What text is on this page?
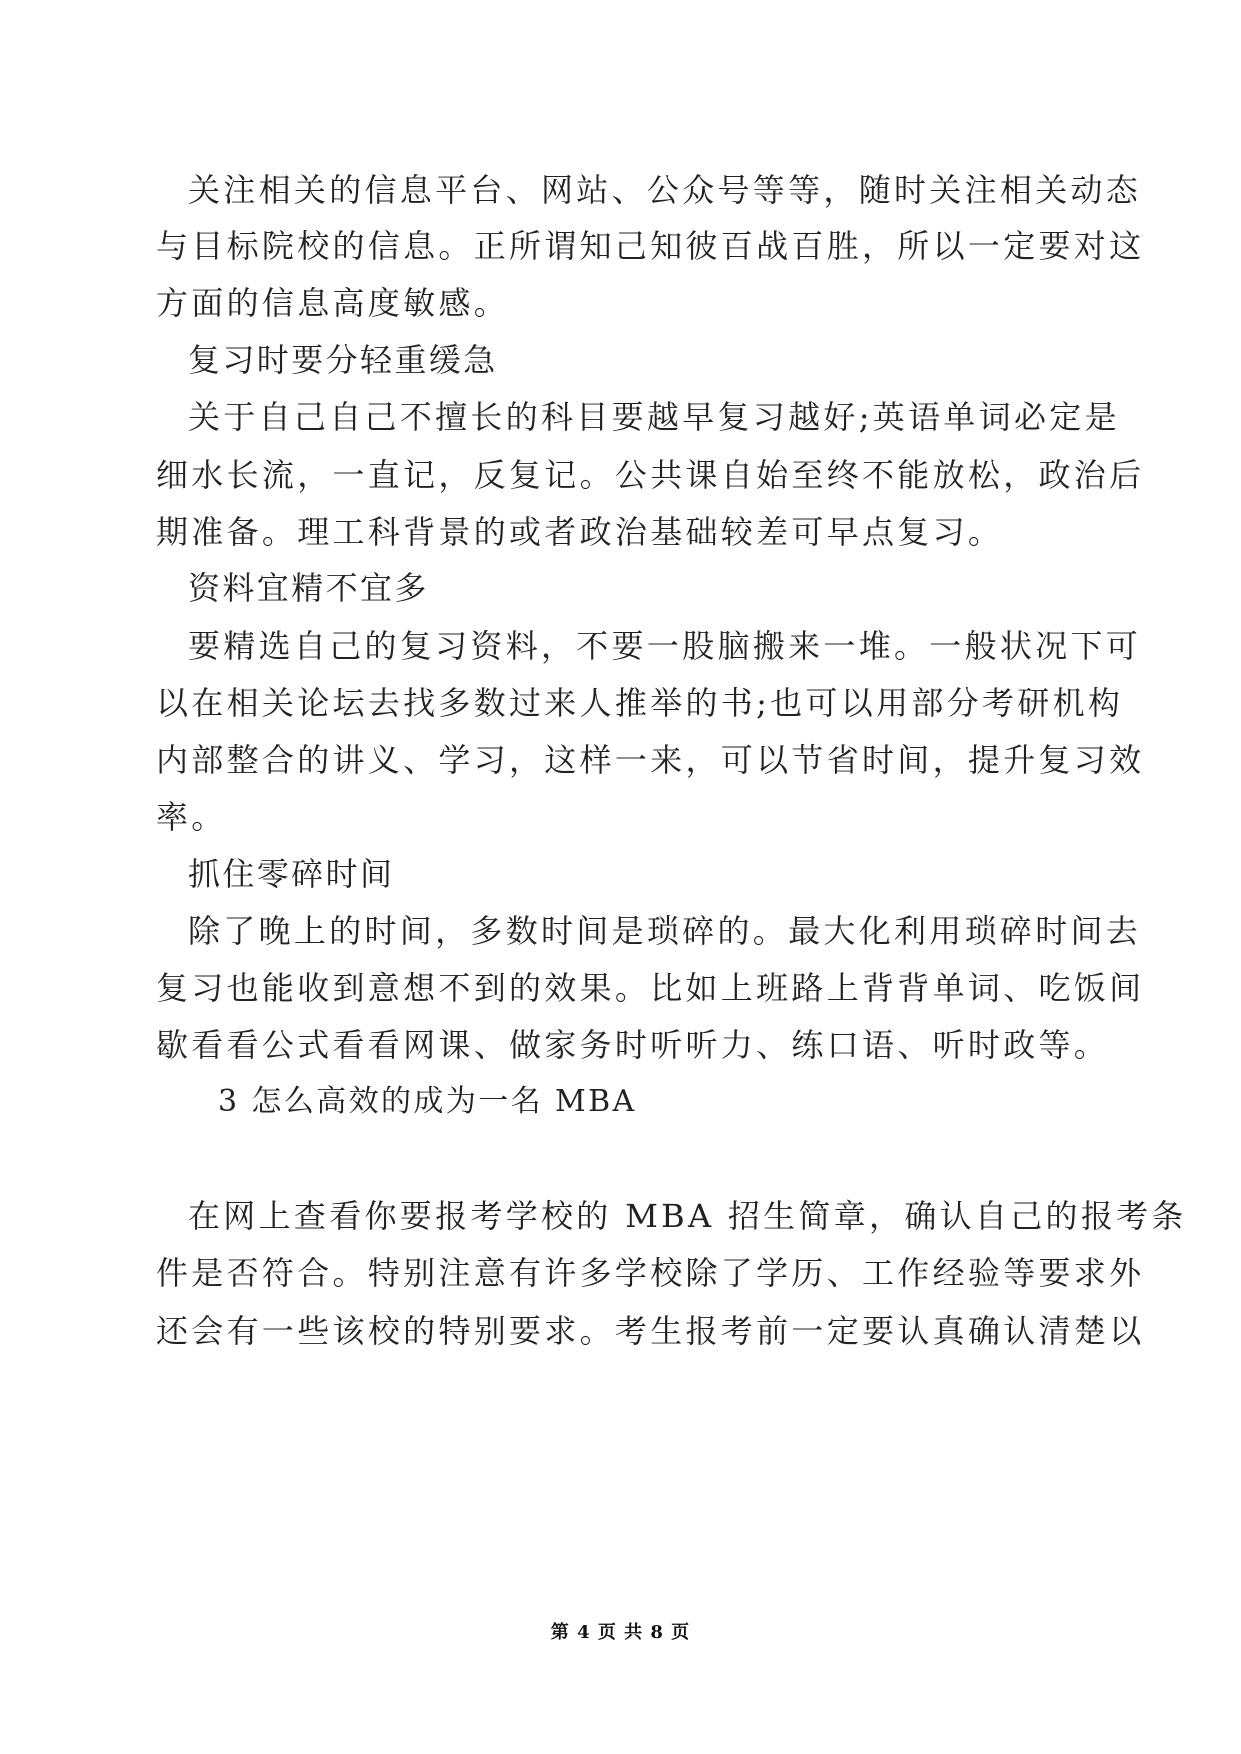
关注相关的信息平台、网站、公众号等等，随时关注相关动态
与目标院校的信息。正所谓知己知彼百战百胜，所以一定要对这
方面的信息高度敏感。
复习时要分轻重缓急
关于自己自己不擅长的科目要越早复习越好;英语单词必定是
细水长流，一直记，反复记。公共课自始至终不能放松，政治后
期准备。理工科背景的或者政治基础较差可早点复习。
资料宜精不宜多
要精选自己的复习资料，不要一股脑搬来一堆。一般状况下可
以在相关论坛去找多数过来人推举的书;也可以用部分考研机构
内部整合的讲义、学习，这样一来，可以节省时间，提升复习效
率。
抓住零碎时间
除了晚上的时间，多数时间是琐碎的。最大化利用琐碎时间去
复习也能收到意想不到的效果。比如上班路上背背单词、吃饭间
歇看看公式看看网课、做家务时听听力、练口语、听时政等。
3 怎么高效的成为一名 MBA
在网上查看你要报考学校的 MBA 招生简章，确认自己的报考条
件是否符合。特别注意有许多学校除了学历、工作经验等要求外
还会有一些该校的特别要求。考生报考前一定要认真确认清楚以
第 4 页 共 8 页
